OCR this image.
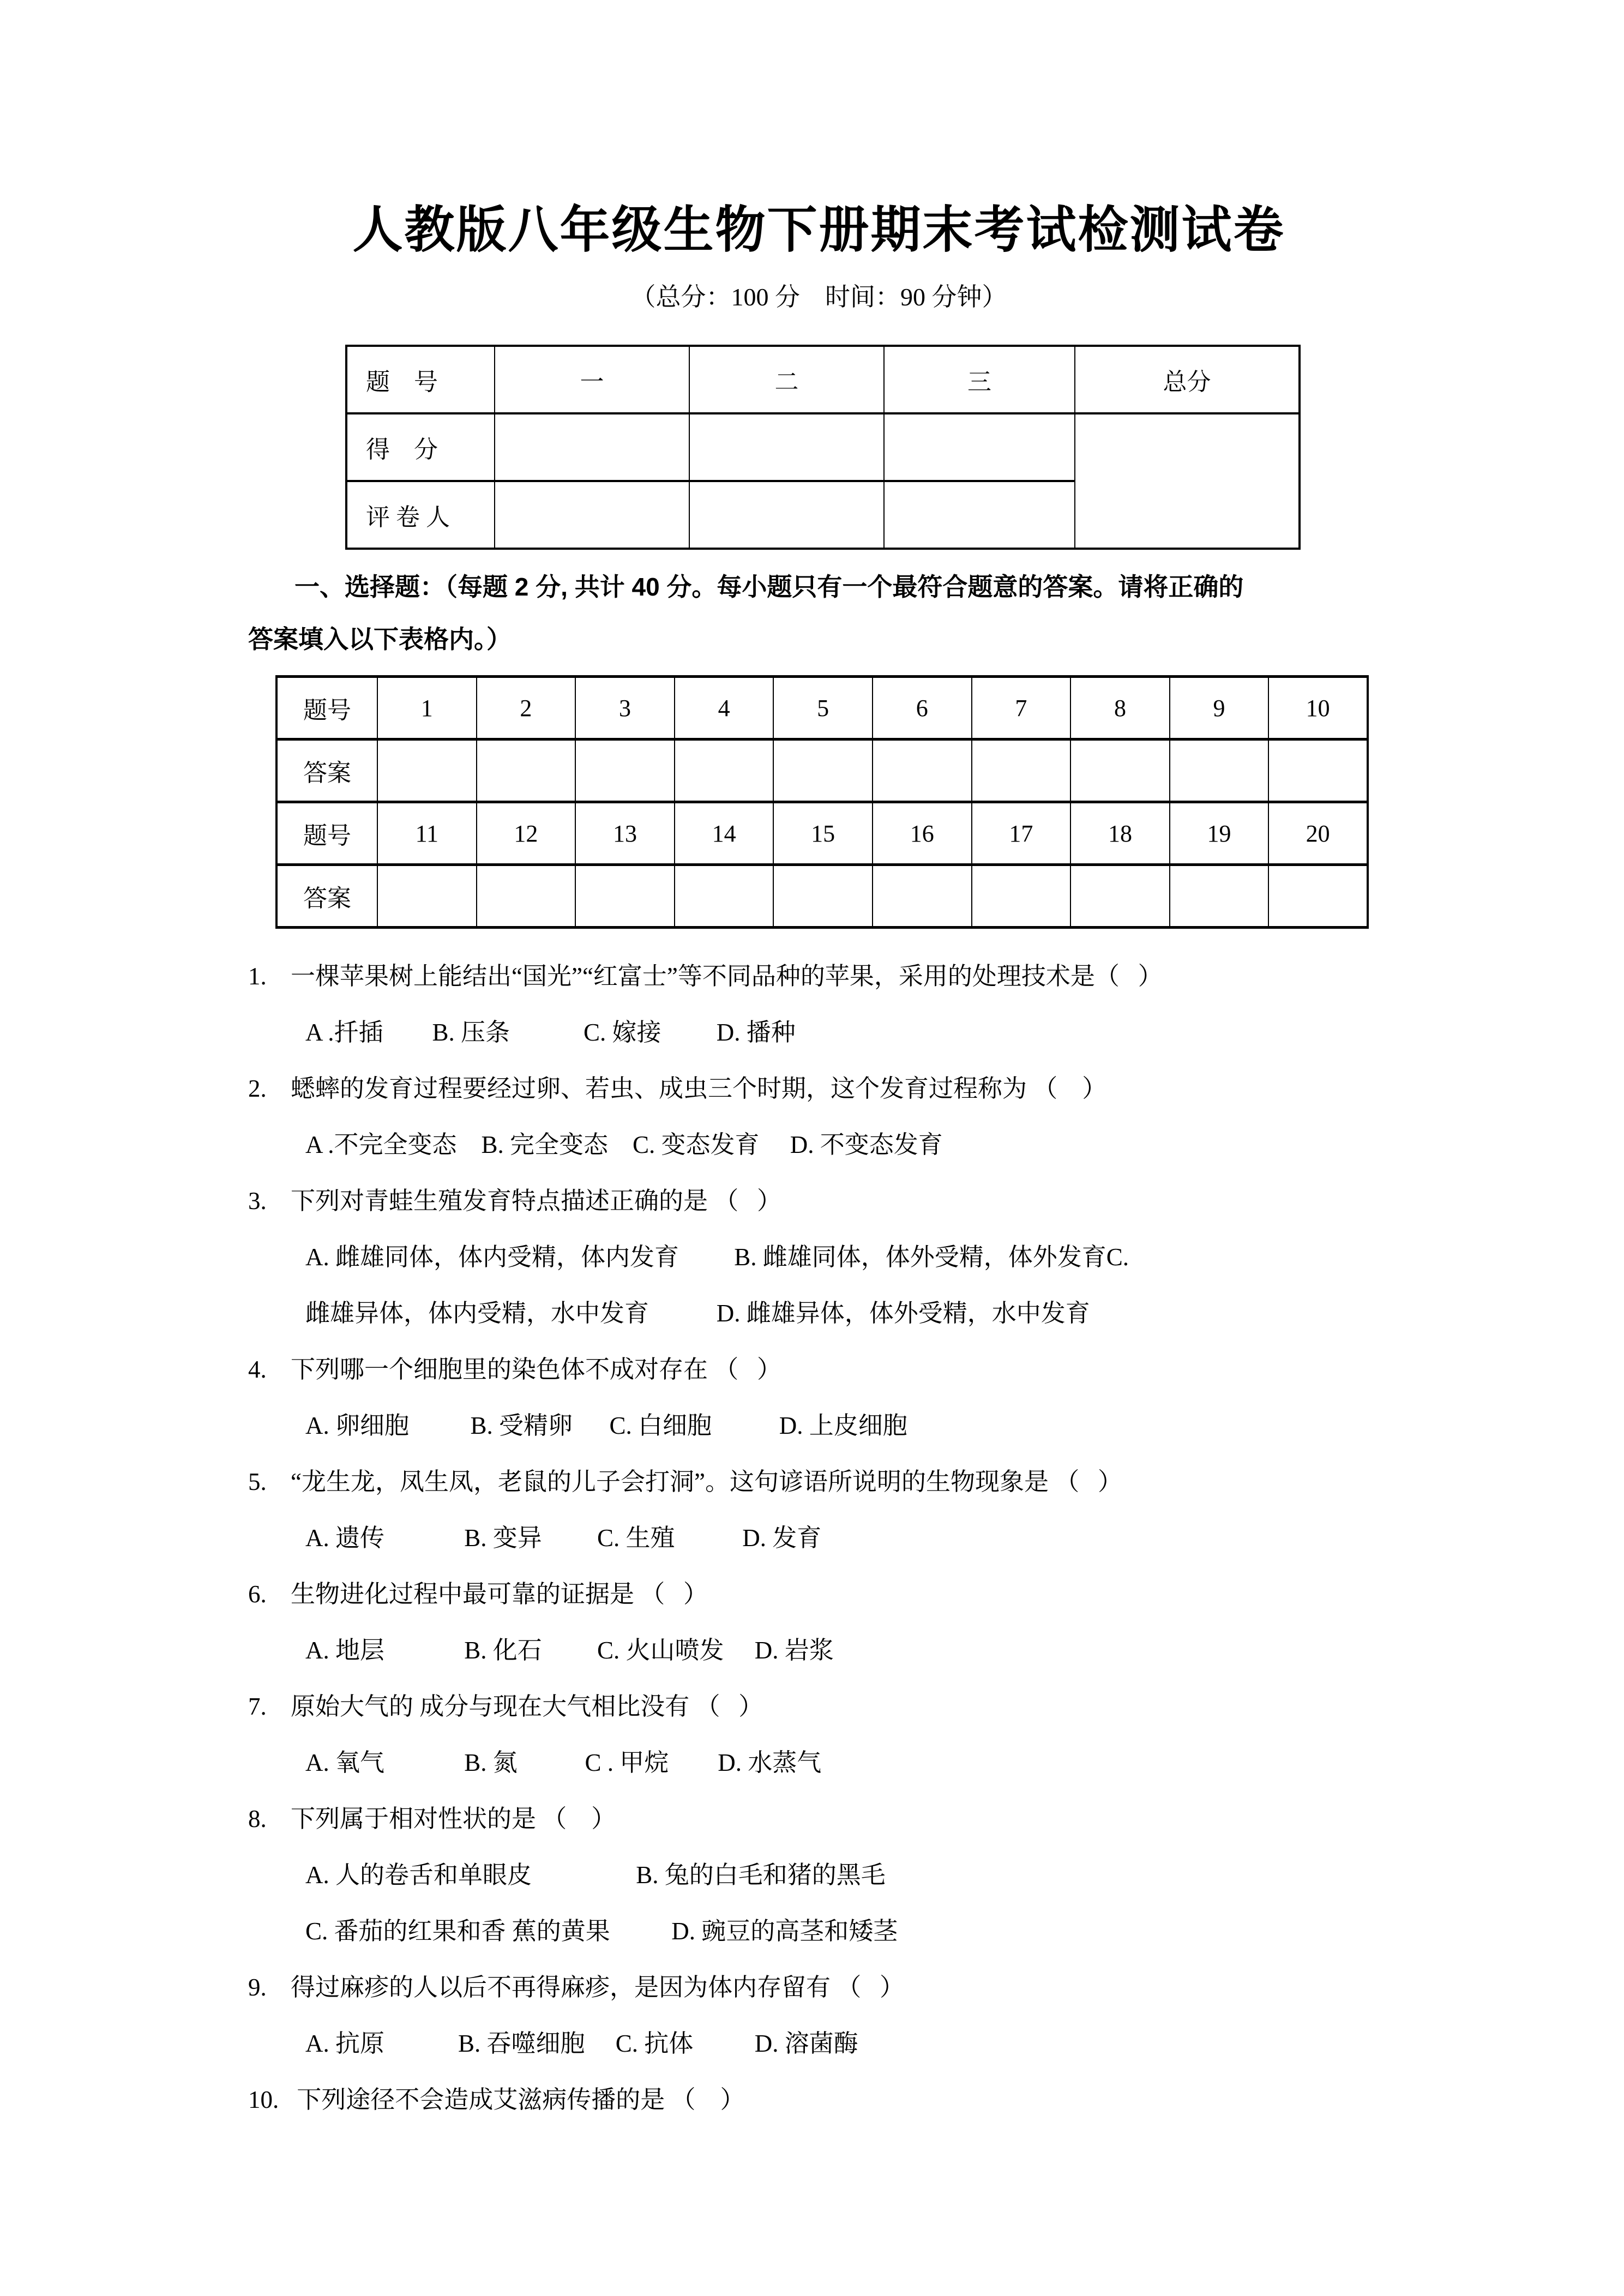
人教版八年级生物下册期末考试检测试卷
（总分：100 分    时间：90 分钟）
题    号	一	二	三	总分
得    分				
评 卷 人				
一、选择题：（每题 2 分, 共计 40 分。每小题只有一个最符合题意的答案。请将正确的
答案填入以下表格内。）
题号	1	2	3	4	5	6	7	8	9	10
答案										
题号	11	12	13	14	15	16	17	18	19	20
答案										
1. 一棵苹果树上能结出“国光”“红富士”等不同品种的苹果，采用的处理技术是（   ）
A .扦插        B. 压条            C. 嫁接         D. 播种
2. 蟋蟀的发育过程要经过卵、若虫、成虫三个时期，这个发育过程称为 （    ）
A .不完全变态    B. 完全变态    C. 变态发育     D. 不变态发育
3. 下列对青蛙生殖发育特点描述正确的是 （   ）
A. 雌雄同体，体内受精，体内发育         B. 雌雄同体，体外受精，体外发育C.
雌雄异体，体内受精，水中发育           D. 雌雄异体，体外受精，水中发育
4. 下列哪一个细胞里的染色体不成对存在 （   ）
A. 卵细胞          B. 受精卵      C. 白细胞           D. 上皮细胞
5. “龙生龙，凤生凤，老鼠的儿子会打洞”。这句谚语所说明的生物现象是 （   ）
A. 遗传             B. 变异         C. 生殖           D. 发育
6. 生物进化过程中最可靠的证据是 （   ）
A. 地层             B. 化石         C. 火山喷发     D. 岩浆
7. 原始大气的 成分与现在大气相比没有 （   ）
A. 氧气             B. 氮           C . 甲烷        D. 水蒸气
8. 下列属于相对性状的是 （    ）
A. 人的卷舌和单眼皮                 B. 兔的白毛和猪的黑毛
C. 番茄的红果和香 蕉的黄果          D. 豌豆的高茎和矮茎
9. 得过麻疹的人以后不再得麻疹，是因为体内存留有 （   ）
A. 抗原            B. 吞噬细胞     C. 抗体          D. 溶菌酶
10. 下列途径不会造成艾滋病传播的是 （    ）
